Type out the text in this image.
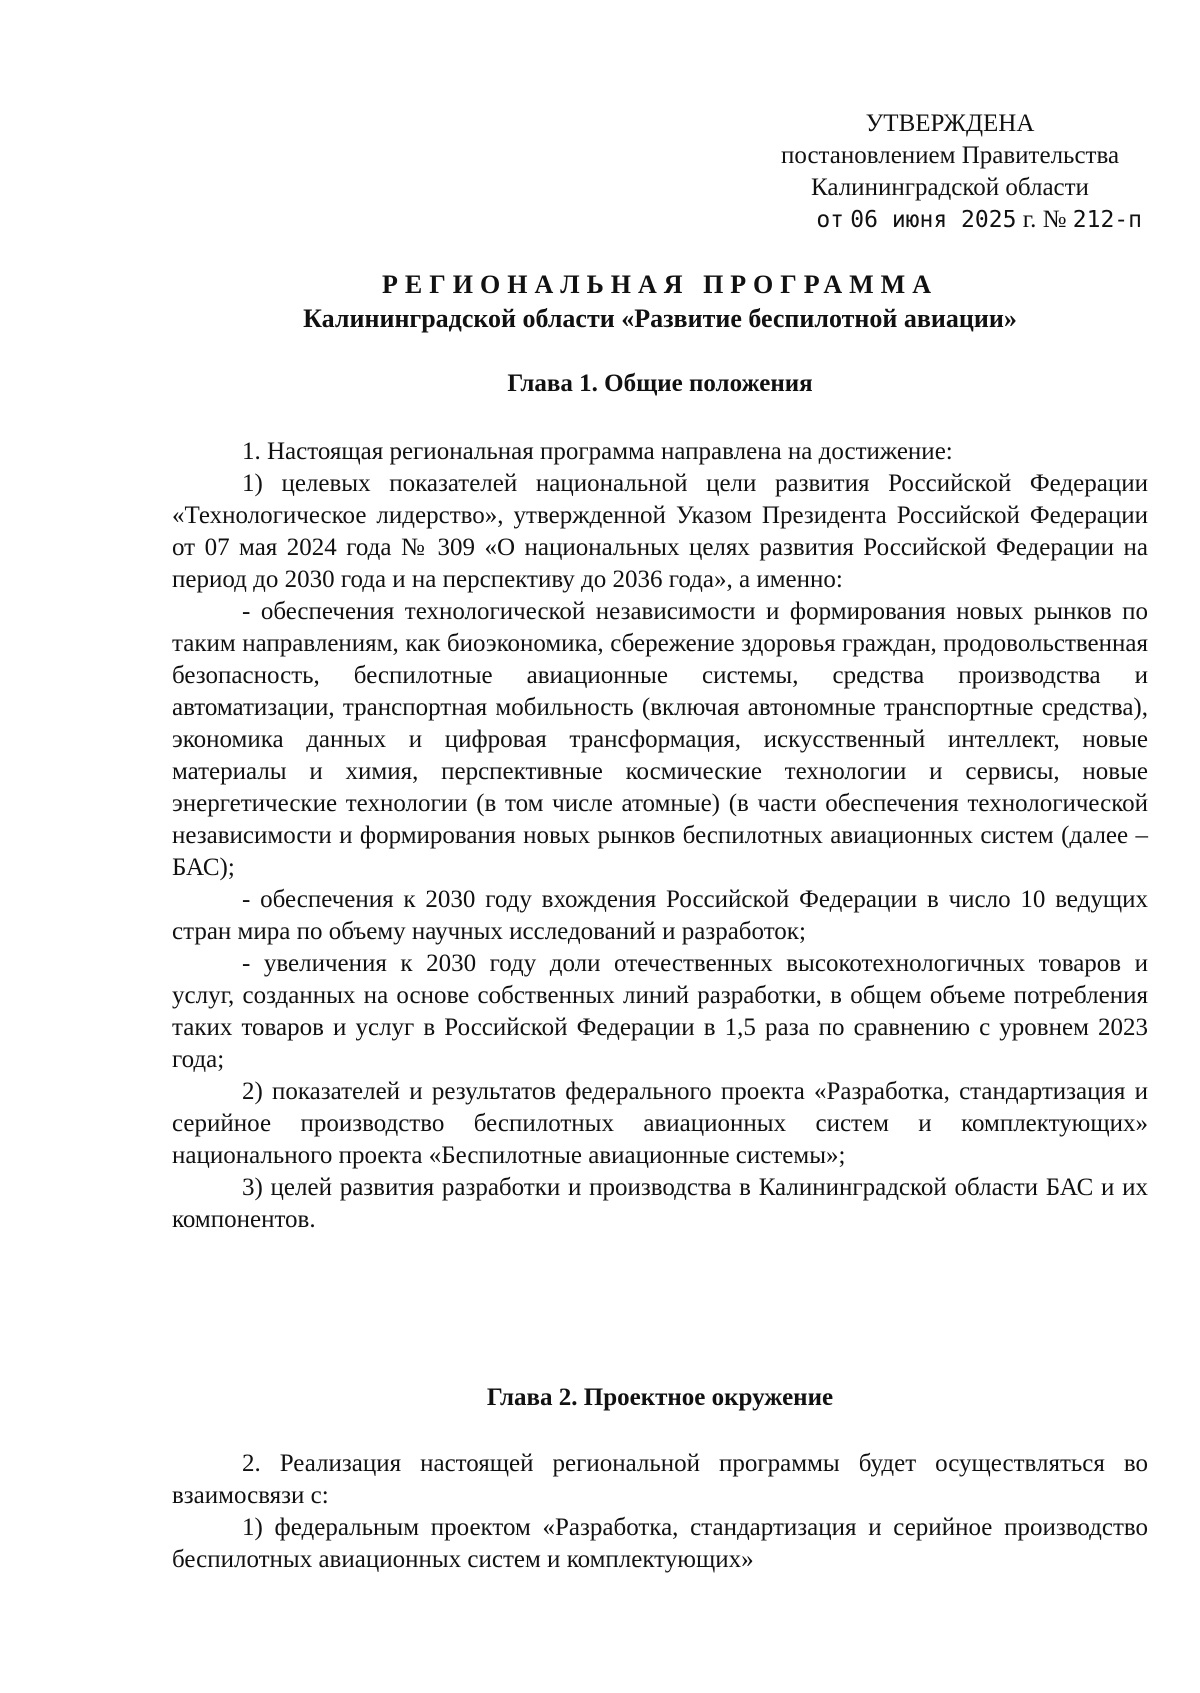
УТВЕРЖДЕНА
постановлением Правительства
Калининградской области
от 06 июня 2025 г. № 212-п
РЕГИОНАЛЬНАЯ ПРОГРАММА
Калининградской области «Развитие беспилотной авиации»
Глава 1. Общие положения

1. Настоящая региональная программа направлена на достижение:

1) целевых показателей национальной цели развития Российской Федерации «Технологическое лидерство», утвержденной Указом Президента Российской Федерации от 07 мая 2024 года № 309 «О национальных целях развития Российской Федерации на период до 2030 года и на перспективу до 2036 года», а именно:

- обеспечения технологической независимости и формирования новых рынков по таким направлениям, как биоэкономика, сбережение здоровья граждан, продовольственная безопасность, беспилотные авиационные системы, средства производства и автоматизации, транспортная мобильность (включая автономные транспортные средства), экономика данных и цифровая трансформация, искусственный интеллект, новые материалы и химия, перспективные космические технологии и сервисы, новые энергетические технологии (в том числе атомные) (в части обеспечения технологической независимости и формирования новых рынков беспилотных авиационных систем (далее – БАС);

- обеспечения к 2030 году вхождения Российской Федерации в число 10 ведущих стран мира по объему научных исследований и разработок;

- увеличения к 2030 году доли отечественных высокотехнологичных товаров и услуг, созданных на основе собственных линий разработки, в общем объеме потребления таких товаров и услуг в Российской Федерации в 1,5 раза по сравнению с уровнем 2023 года;

2) показателей и результатов федерального проекта «Разработка, стандартизация и серийное производство беспилотных авиационных систем и комплектующих» национального проекта «Беспилотные авиационные системы»;

3) целей развития разработки и производства в Калининградской области БАС и их компонентов.

Глава 2. Проектное окружение

2. Реализация настоящей региональной программы будет осуществляться во взаимосвязи с:

1) федеральным проектом «Разработка, стандартизация и серийное производство беспилотных авиационных систем и комплектующих»
